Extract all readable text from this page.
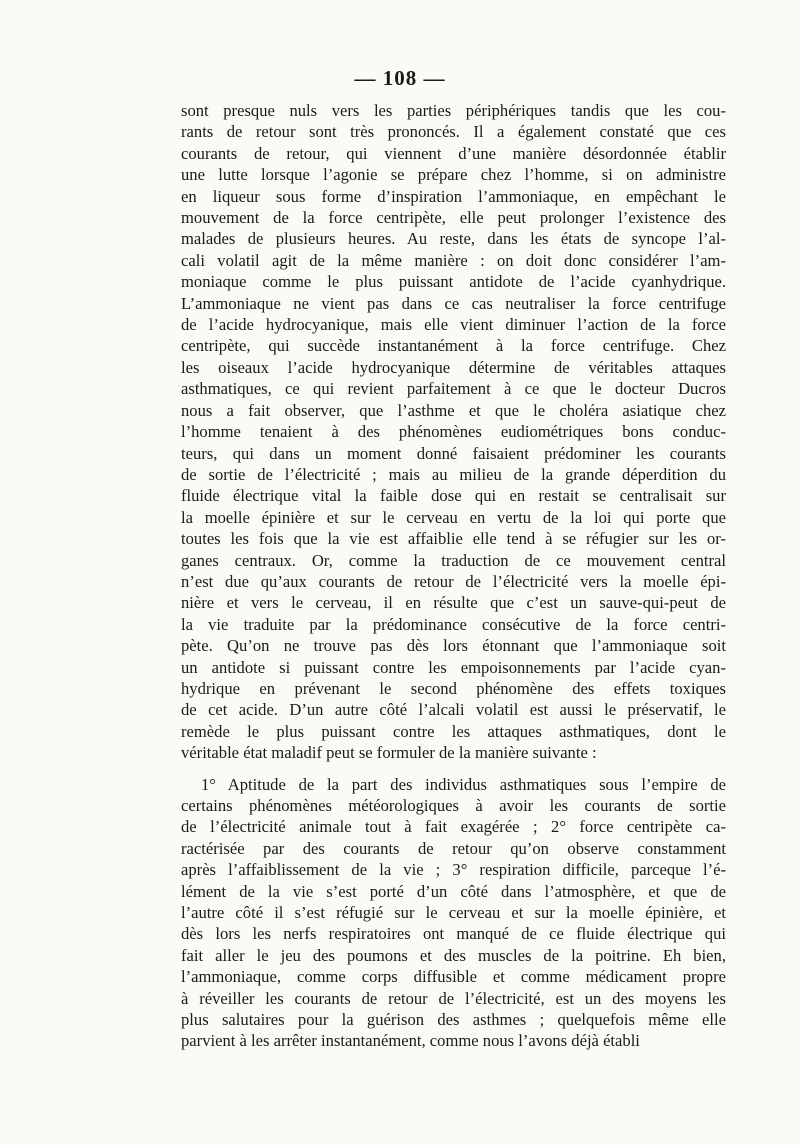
— 108 —
sont presque nuls vers les parties périphériques tandis que les cou-
rants de retour sont très prononcés. Il a également constaté que ces
courants de retour, qui viennent d’une manière désordonnée établir
une lutte lorsque l’agonie se prépare chez l’homme, si on administre
en liqueur sous forme d’inspiration l’ammoniaque, en empêchant le
mouvement de la force centripète, elle peut prolonger l’existence des
malades de plusieurs heures. Au reste, dans les états de syncope l’al-
cali volatil agit de la même manière : on doit donc considérer l’am-
moniaque comme le plus puissant antidote de l’acide cyanhydrique.
L’ammoniaque ne vient pas dans ce cas neutraliser la force centrifuge
de l’acide hydrocyanique, mais elle vient diminuer l’action de la force
centripète, qui succède instantanément à la force centrifuge. Chez
les oiseaux l’acide hydrocyanique détermine de véritables attaques
asthmatiques, ce qui revient parfaitement à ce que le docteur Ducros
nous a fait observer, que l’asthme et que le choléra asiatique chez
l’homme tenaient à des phénomènes eudiométriques bons conduc-
teurs, qui dans un moment donné faisaient prédominer les courants
de sortie de l’électricité ; mais au milieu de la grande déperdition du
fluide électrique vital la faible dose qui en restait se centralisait sur
la moelle épinière et sur le cerveau en vertu de la loi qui porte que
toutes les fois que la vie est affaiblie elle tend à se réfugier sur les or-
ganes centraux. Or, comme la traduction de ce mouvement central
n’est due qu’aux courants de retour de l’électricité vers la moelle épi-
nière et vers le cerveau, il en résulte que c’est un sauve-qui-peut de
la vie traduite par la prédominance consécutive de la force centri-
pète. Qu’on ne trouve pas dès lors étonnant que l’ammoniaque soit
un antidote si puissant contre les empoisonnements par l’acide cyan-
hydrique en prévenant le second phénomène des effets toxiques
de cet acide. D’un autre côté l’alcali volatil est aussi le préservatif, le
remède le plus puissant contre les attaques asthmatiques, dont le
véritable état maladif peut se formuler de la manière suivante :
1° Aptitude de la part des individus asthmatiques sous l’empire de
certains phénomènes météorologiques à avoir les courants de sortie
de l’électricité animale tout à fait exagérée ; 2° force centripète ca-
ractérisée par des courants de retour qu’on observe constamment
après l’affaiblissement de la vie ; 3° respiration difficile, parceque l’é-
lément de la vie s’est porté d’un côté dans l’atmosphère, et que de
l’autre côté il s’est réfugié sur le cerveau et sur la moelle épinière, et
dès lors les nerfs respiratoires ont manqué de ce fluide électrique qui
fait aller le jeu des poumons et des muscles de la poitrine. Eh bien,
l’ammoniaque, comme corps diffusible et comme médicament propre
à réveiller les courants de retour de l’électricité, est un des moyens les
plus salutaires pour la guérison des asthmes ; quelquefois même elle
parvient à les arrêter instantanément, comme nous l’avons déjà établi
